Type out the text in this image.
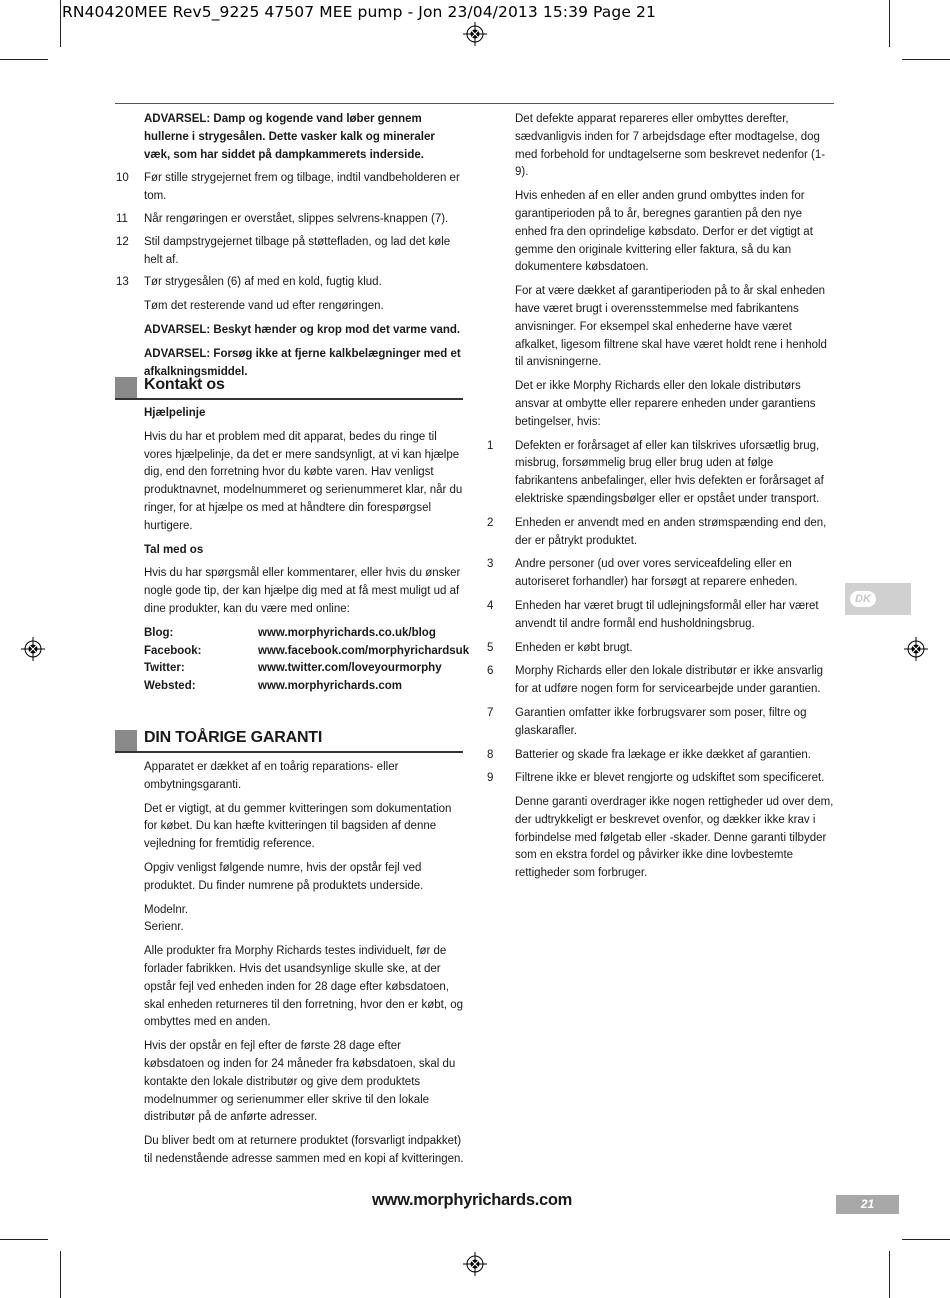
RN40420MEE Rev5_9225 47507 MEE pump - Jon 23/04/2013 15:39 Page 21

ADVARSEL: Damp og kogende vand løber gennem hullerne i strygesålen. Dette vasker kalk og mineraler væk, som har siddet på dampkammerets inderside.

10 Før stille strygejernet frem og tilbage, indtil vandbeholderen er tom.
11 Når rengøringen er overstået, slippes selvrens-knappen (7).
12 Stil dampstrygejernet tilbage på støttefladen, og lad det køle helt af.
13 Tør strygesålen (6) af med en kold, fugtig klud.

Tøm det resterende vand ud efter rengøringen.

ADVARSEL: Beskyt hænder og krop mod det varme vand.

ADVARSEL: Forsøg ikke at fjerne kalkbelægninger med et afkalkningsmiddel.

Kontakt os

Hjælpelinje

Hvis du har et problem med dit apparat, bedes du ringe til vores hjælpelinje, da det er mere sandsynligt, at vi kan hjælpe dig, end den forretning hvor du købte varen. Hav venligst produktnavnet, modelnummeret og serienummeret klar, når du ringer, for at hjælpe os med at håndtere din forespørgsel hurtigere.

Tal med os

Hvis du har spørgsmål eller kommentarer, eller hvis du ønsker nogle gode tip, der kan hjælpe dig med at få mest muligt ud af dine produkter, kan du være med online:

Blog:	www.morphyrichards.co.uk/blog
Facebook:	www.facebook.com/morphyrichardsuk
Twitter:	www.twitter.com/loveyourmorphy
Websted:	www.morphyrichards.com
DIN TOÅRIGE GARANTI

Apparatet er dækket af en toårig reparations- eller ombytningsgaranti.

Det er vigtigt, at du gemmer kvitteringen som dokumentation for købet. Du kan hæfte kvitteringen til bagsiden af denne vejledning for fremtidig reference.

Opgiv venligst følgende numre, hvis der opstår fejl ved produktet. Du finder numrene på produktets underside.

Modelnr.
Serienr.

Alle produkter fra Morphy Richards testes individuelt, før de forlader fabrikken. Hvis det usandsynlige skulle ske, at der opstår fejl ved enheden inden for 28 dage efter købsdatoen, skal enheden returneres til den forretning, hvor den er købt, og ombyttes med en anden.

Hvis der opstår en fejl efter de første 28 dage efter købsdatoen og inden for 24 måneder fra købsdatoen, skal du kontakte den lokale distributør og give dem produktets modelnummer og serienummer eller skrive til den lokale distributør på de anførte adresser.

Du bliver bedt om at returnere produktet (forsvarligt indpakket) til nedenstående adresse sammen med en kopi af kvitteringen.

Det defekte apparat repareres eller ombyttes derefter, sædvanligvis inden for 7 arbejdsdage efter modtagelse, dog med forbehold for undtagelserne som beskrevet nedenfor (1-9).

Hvis enheden af en eller anden grund ombyttes inden for garantiperioden på to år, beregnes garantien på den nye enhed fra den oprindelige købsdato. Derfor er det vigtigt at gemme den originale kvittering eller faktura, så du kan dokumentere købsdatoen.

For at være dækket af garantiperioden på to år skal enheden have været brugt i overensstemmelse med fabrikantens anvisninger. For eksempel skal enhederne have været afkalket, ligesom filtrene skal have været holdt rene i henhold til anvisningerne.

Det er ikke Morphy Richards eller den lokale distributørs ansvar at ombytte eller reparere enheden under garantiens betingelser, hvis:

1 Defekten er forårsaget af eller kan tilskrives uforsætlig brug, misbrug, forsømmelig brug eller brug uden at følge fabrikantens anbefalinger, eller hvis defekten er forårsaget af elektriske spændingsbølger eller er opstået under transport.
2 Enheden er anvendt med en anden strømspænding end den, der er påtrykt produktet.
3 Andre personer (ud over vores serviceafdeling eller en autoriseret forhandler) har forsøgt at reparere enheden.
4 Enheden har været brugt til udlejningsformål eller har været anvendt til andre formål end husholdningsbrug.
5 Enheden er købt brugt.
6 Morphy Richards eller den lokale distributør er ikke ansvarlig for at udføre nogen form for servicearbejde under garantien.
7 Garantien omfatter ikke forbrugsvarer som poser, filtre og glaskarafler.
8 Batterier og skade fra lækage er ikke dækket af garantien.
9 Filtrene ikke er blevet rengjorte og udskiftet som specificeret.

Denne garanti overdrager ikke nogen rettigheder ud over dem, der udtrykkeligt er beskrevet ovenfor, og dækker ikke krav i forbindelse med følgetab eller -skader. Denne garanti tilbyder som en ekstra fordel og påvirker ikke dine lovbestemte rettigheder som forbruger.

DK
www.morphyrichards.com	21
